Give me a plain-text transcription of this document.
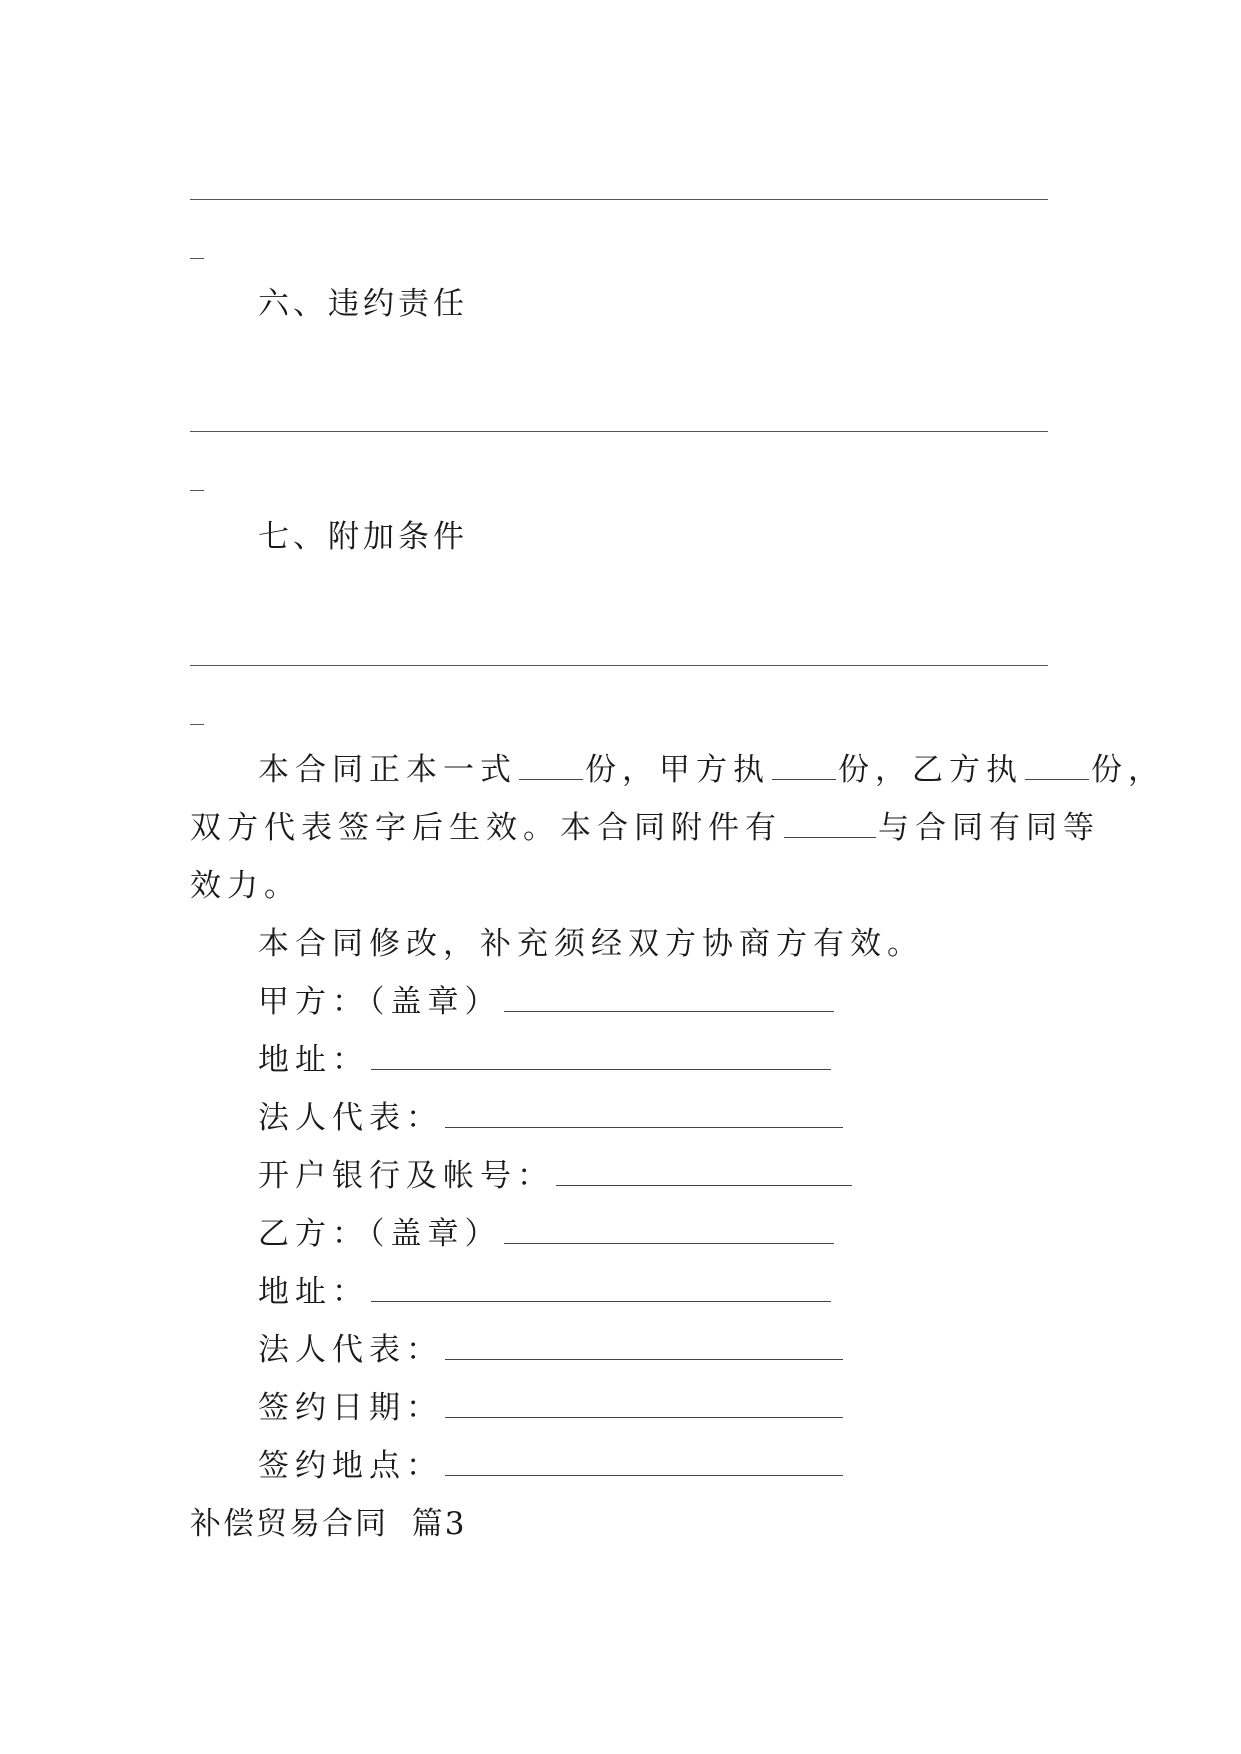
六、违约责任
七、附加条件
本合同正本一式 份，甲方执 份，乙方执 份，
双方代表签字后生效。本合同附件有	与合同有同等
效力。
本合同修改，补充须经双方协商方有效。
甲方：（盖章）
地址：
法人代表：
开户银行及帐号：
乙方：（盖章）
地址：
法人代表：
签约日期：
签约地点：
补偿贸易合同  篇3
